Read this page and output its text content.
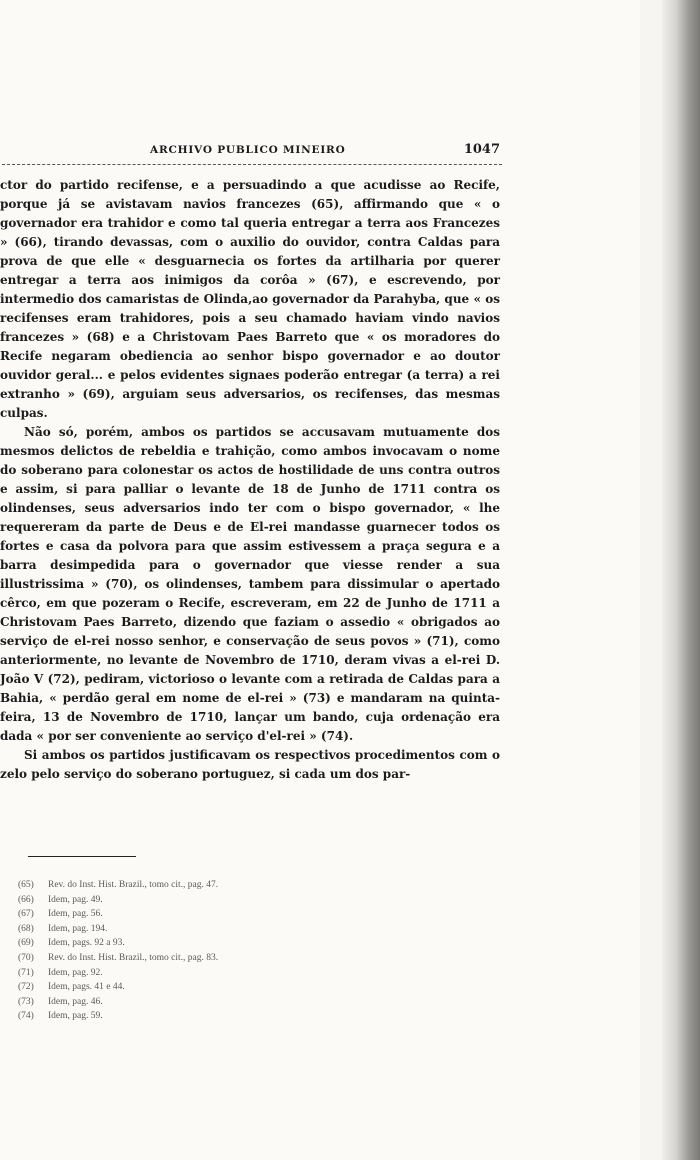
ARCHIVO PUBLICO MINEIRO	1047

ctor do partido recifense, e a persuadindo a que acudisse ao Recife, porque já se avistavam navios francezes (65), affirmando que « o governador era trahidor e como tal queria entregar a terra aos Francezes » (66), tirando devassas, com o auxilio do ouvidor, contra Caldas para prova de que elle « desguarnecia os fortes da artilharia por querer entregar a terra aos inimigos da corôa » (67), e escrevendo, por intermedio dos camaristas de Olinda,ao governador da Parahyba, que « os recifenses eram trahidores, pois a seu chamado haviam vindo navios francezes » (68) e a Christovam Paes Barreto que « os moradores do Recife negaram obediencia ao senhor bispo governador e ao doutor ouvidor geral... e pelos evidentes signaes poderão entregar (a terra) a rei extranho » (69), arguiam seus adversarios, os recifenses, das mesmas culpas.

Não só, porém, ambos os partidos se accusavam mutuamente dos mesmos delictos de rebeldia e trahição, como ambos invocavam o nome do soberano para colonestar os actos de hostilidade de uns contra outros e assim, si para palliar o levante de 18 de Junho de 1711 contra os olindenses, seus adversarios indo ter com o bispo governador, « lhe requereram da parte de Deus e de El-rei mandasse guarnecer todos os fortes e casa da polvora para que assim estivessem a praça segura e a barra desimpedida para o governador que viesse render a sua illustrissima » (70), os olindenses, tambem para dissimular o apertado cêrco, em que pozeram o Recife, escreveram, em 22 de Junho de 1711 a Christovam Paes Barreto, dizendo que faziam o assedio « obrigados ao serviço de el-rei nosso senhor, e conservação de seus povos » (71), como anteriormente, no levante de Novembro de 1710, deram vivas a el-rei D. João V (72), pediram, victorioso o levante com a retirada de Caldas para a Bahia, « perdão geral em nome de el-rei » (73) e mandaram na quinta-feira, 13 de Novembro de 1710, lançar um bando, cuja ordenação era dada « por ser conveniente ao serviço d'el-rei » (74).

Si ambos os partidos justificavam os respectivos procedimentos com o zelo pelo serviço do soberano portuguez, si cada um dos par-

(65)	Rev. do Inst. Hist. Brazil., tomo cit., pag. 47.
(66)	Idem, pag. 49.
(67)	Idem, pag. 56.
(68)	Idem, pag. 194.
(69)	Idem, pags. 92 a 93.
(70)	Rev. do Inst. Hist. Brazil., tomo cit., pag. 83.
(71)	Idem, pag. 92.
(72)	Idem, pags. 41 e 44.
(73)	Idem, pag. 46.
(74)	Idem, pag. 59.
